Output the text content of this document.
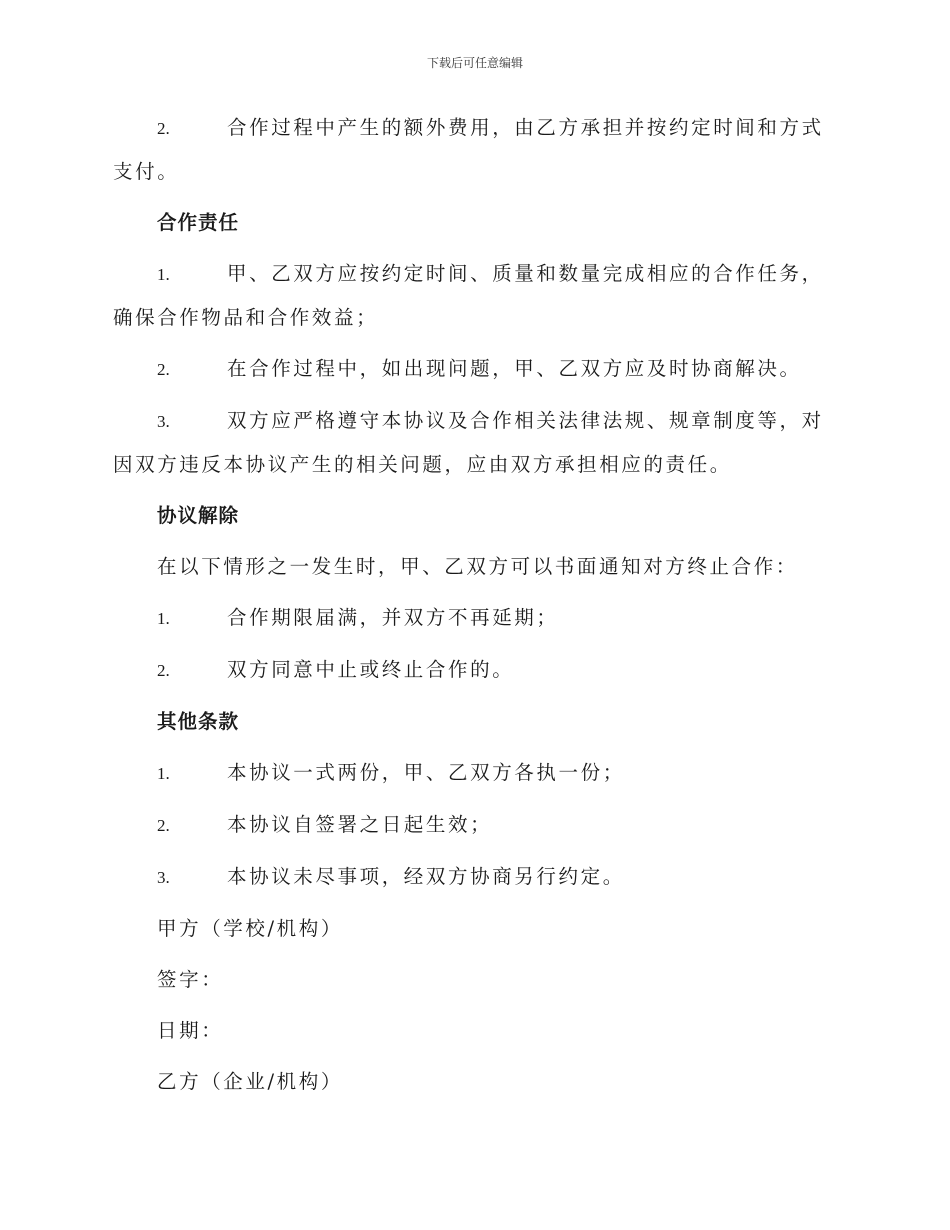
下载后可任意编辑

2.	合作过程中产生的额外费用，由乙方承担并按约定时间和方式支付。

合作责任

1.	甲、乙双方应按约定时间、质量和数量完成相应的合作任务，确保合作物品和合作效益；

2.	在合作过程中，如出现问题，甲、乙双方应及时协商解决。

3.	双方应严格遵守本协议及合作相关法律法规、规章制度等，对因双方违反本协议产生的相关问题，应由双方承担相应的责任。

协议解除

在以下情形之一发生时，甲、乙双方可以书面通知对方终止合作：

1.	合作期限届满，并双方不再延期；

2.	双方同意中止或终止合作的。

其他条款

1.	本协议一式两份，甲、乙双方各执一份；

2.	本协议自签署之日起生效；

3.	本协议未尽事项，经双方协商另行约定。

甲方（学校/机构）

签字：

日期：

乙方（企业/机构）
